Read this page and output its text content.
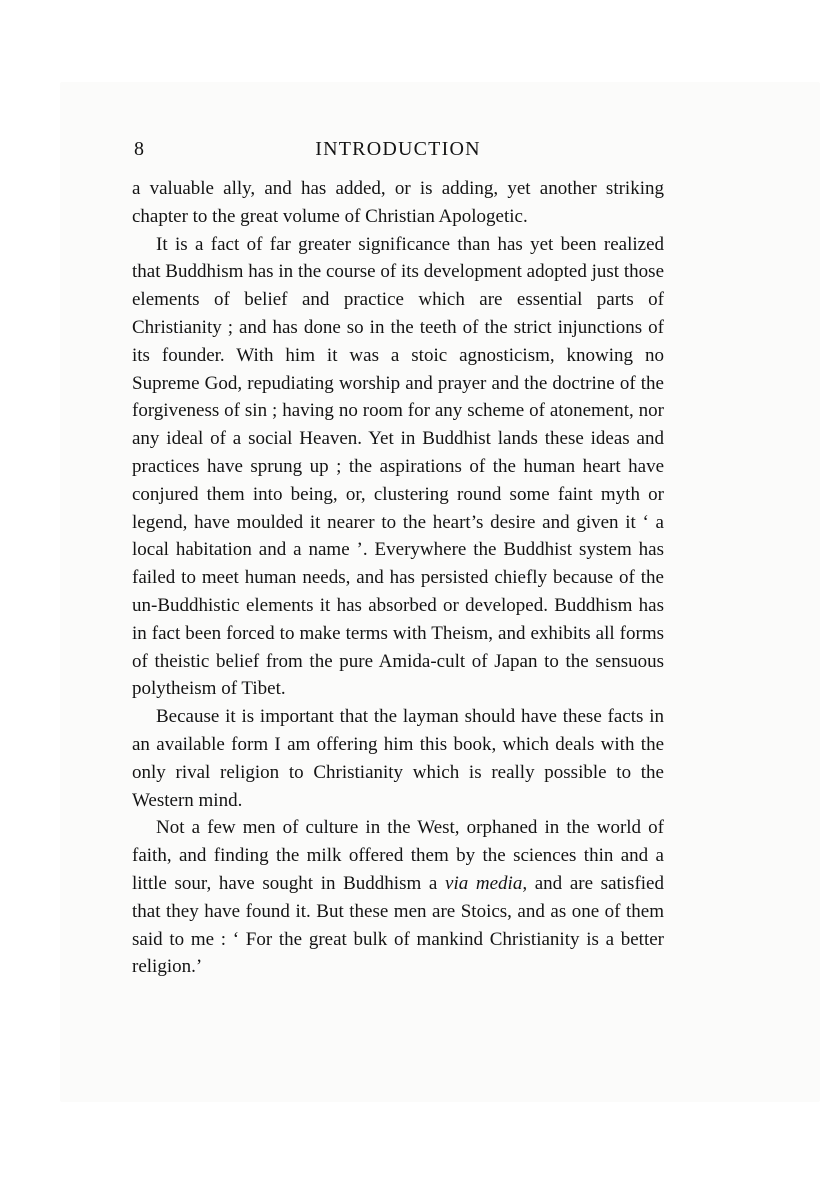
8	INTRODUCTION

a valuable ally, and has added, or is adding, yet another striking chapter to the great volume of Christian Apologetic.

It is a fact of far greater significance than has yet been realized that Buddhism has in the course of its development adopted just those elements of belief and practice which are essential parts of Christianity ; and has done so in the teeth of the strict injunctions of its founder. With him it was a stoic agnosticism, knowing no Supreme God, repudiating worship and prayer and the doctrine of the forgiveness of sin ; having no room for any scheme of atonement, nor any ideal of a social Heaven. Yet in Buddhist lands these ideas and practices have sprung up ; the aspirations of the human heart have conjured them into being, or, clustering round some faint myth or legend, have moulded it nearer to the heart’s desire and given it ‘ a local habitation and a name ’. Everywhere the Buddhist system has failed to meet human needs, and has persisted chiefly because of the un-Buddhistic elements it has absorbed or developed. Buddhism has in fact been forced to make terms with Theism, and exhibits all forms of theistic belief from the pure Amida-cult of Japan to the sensuous polytheism of Tibet.

Because it is important that the layman should have these facts in an available form I am offering him this book, which deals with the only rival religion to Christianity which is really possible to the Western mind.

Not a few men of culture in the West, orphaned in the world of faith, and finding the milk offered them by the sciences thin and a little sour, have sought in Buddhism a via media, and are satisfied that they have found it. But these men are Stoics, and as one of them said to me : ‘ For the great bulk of mankind Christianity is a better religion.’
